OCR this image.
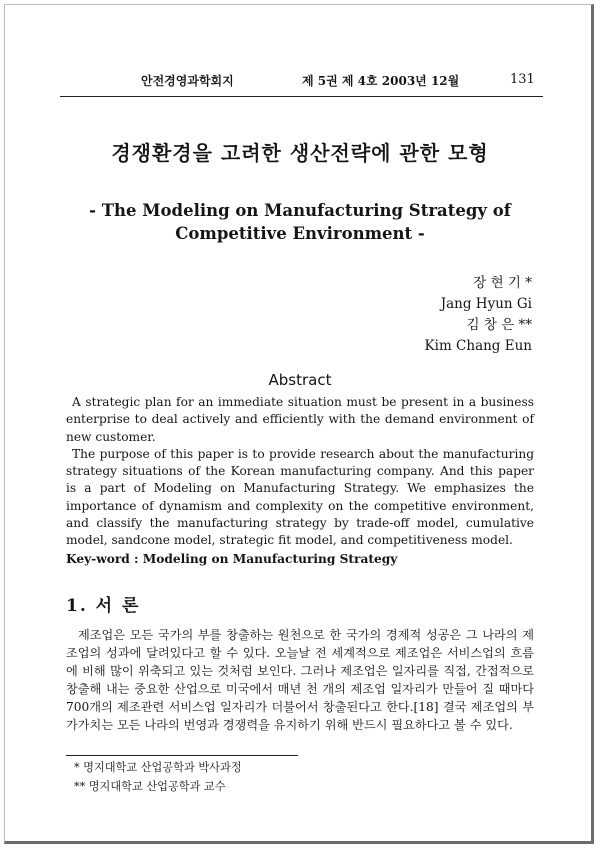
안전경영과학회지	제 5권 제 4호 2003년 12월	131
경쟁환경을 고려한 생산전략에 관한 모형
- The Modeling on Manufacturing Strategy of Competitive Environment -
장 현 기 *
Jang Hyun Gi
김 창 은 **
Kim Chang Eun
Abstract

A strategic plan for an immediate situation must be present in a business enterprise to deal actively and efficiently with the demand environment of new customer.

The purpose of this paper is to provide research about the manufacturing strategy situations of the Korean manufacturing company. And this paper is a part of Modeling on Manufacturing Strategy. We emphasizes the importance of dynamism and complexity on the competitive environment, and classify the manufacturing strategy by trade-off model, cumulative model, sandcone model, strategic fit model, and competitiveness model.

Key-word : Modeling on Manufacturing Strategy
1. 서 론

제조업은 모든 국가의 부를 창출하는 원천으로 한 국가의 경제적 성공은 그 나라의 제조업의 성과에 달려있다고 할 수 있다. 오늘날 전 세계적으로 제조업은 서비스업의 흐름에 비해 많이 위축되고 있는 것처럼 보인다. 그러나 제조업은 일자리를 직접, 간접적으로 창출해 내는 중요한 산업으로 미국에서 매년 천 개의 제조업 일자리가 만들어 질 때마다 700개의 제조관련 서비스업 일자리가 더불어서 창출된다고 한다.[18] 결국 제조업의 부가가치는 모든 나라의 번영과 경쟁력을 유지하기 위해 반드시 필요하다고 볼 수 있다.

* 명지대학교 산업공학과 박사과정
** 명지대학교 산업공학과 교수
